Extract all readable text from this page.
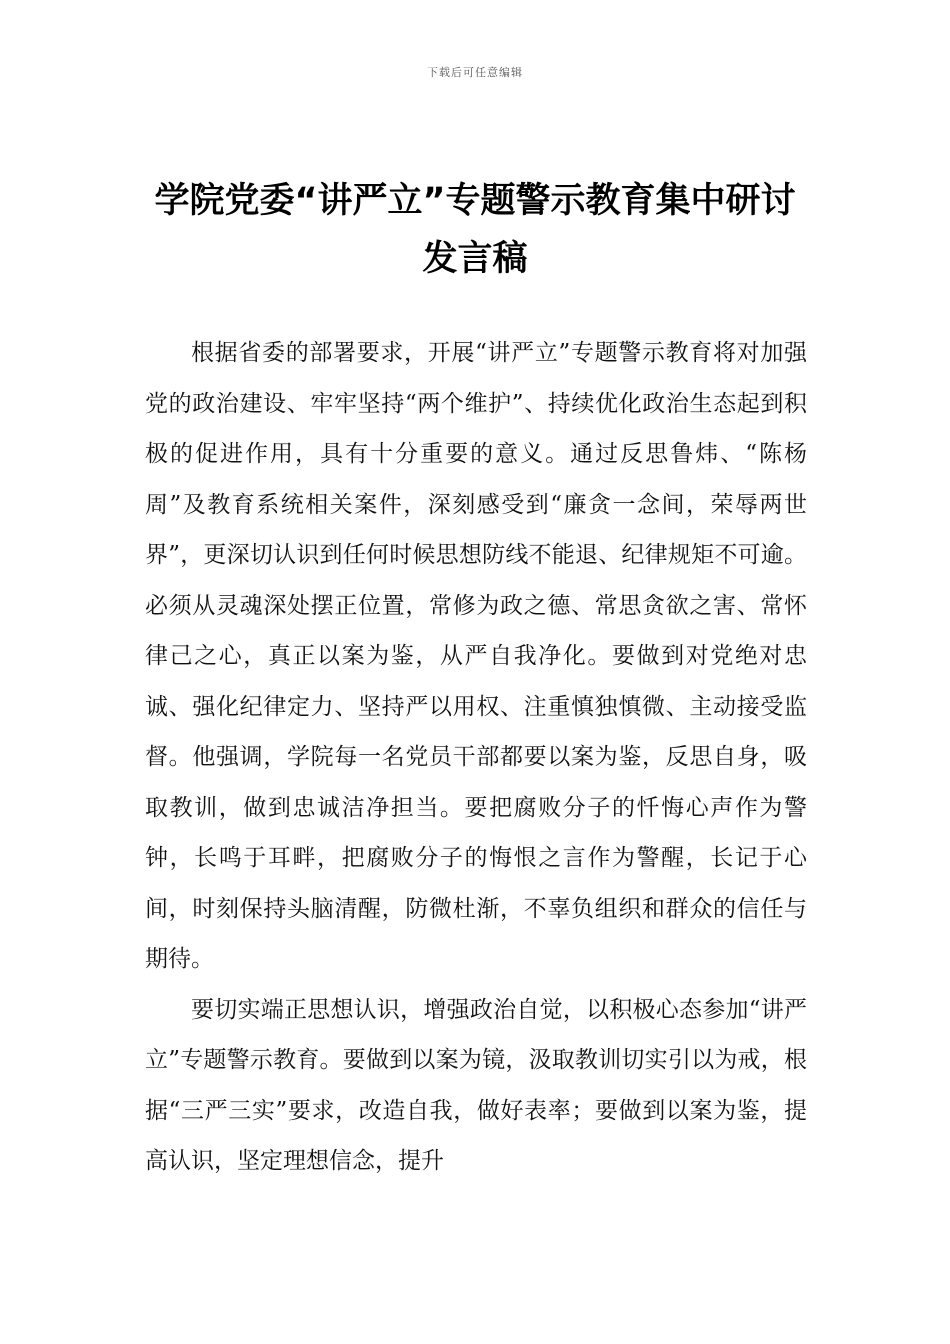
下载后可任意编辑
学院党委“讲严立”专题警示教育集中研讨发言稿

根据省委的部署要求，开展“讲严立”专题警示教育将对加强党的政治建设、牢牢坚持“两个维护”、持续优化政治生态起到积极的促进作用，具有十分重要的意义。通过反思鲁炜、“陈杨周”及教育系统相关案件，深刻感受到“廉贪一念间，荣辱两世界”，更深切认识到任何时候思想防线不能退、纪律规矩不可逾。必须从灵魂深处摆正位置，常修为政之德、常思贪欲之害、常怀律己之心，真正以案为鉴，从严自我净化。要做到对党绝对忠诚、强化纪律定力、坚持严以用权、注重慎独慎微、主动接受监督。他强调，学院每一名党员干部都要以案为鉴，反思自身，吸取教训，做到忠诚洁净担当。要把腐败分子的忏悔心声作为警钟，长鸣于耳畔，把腐败分子的悔恨之言作为警醒，长记于心间，时刻保持头脑清醒，防微杜渐，不辜负组织和群众的信任与期待。

要切实端正思想认识，增强政治自觉，以积极心态参加“讲严立”专题警示教育。要做到以案为镜，汲取教训切实引以为戒，根据“三严三实”要求，改造自我，做好表率；要做到以案为鉴，提高认识，坚定理想信念，提升
